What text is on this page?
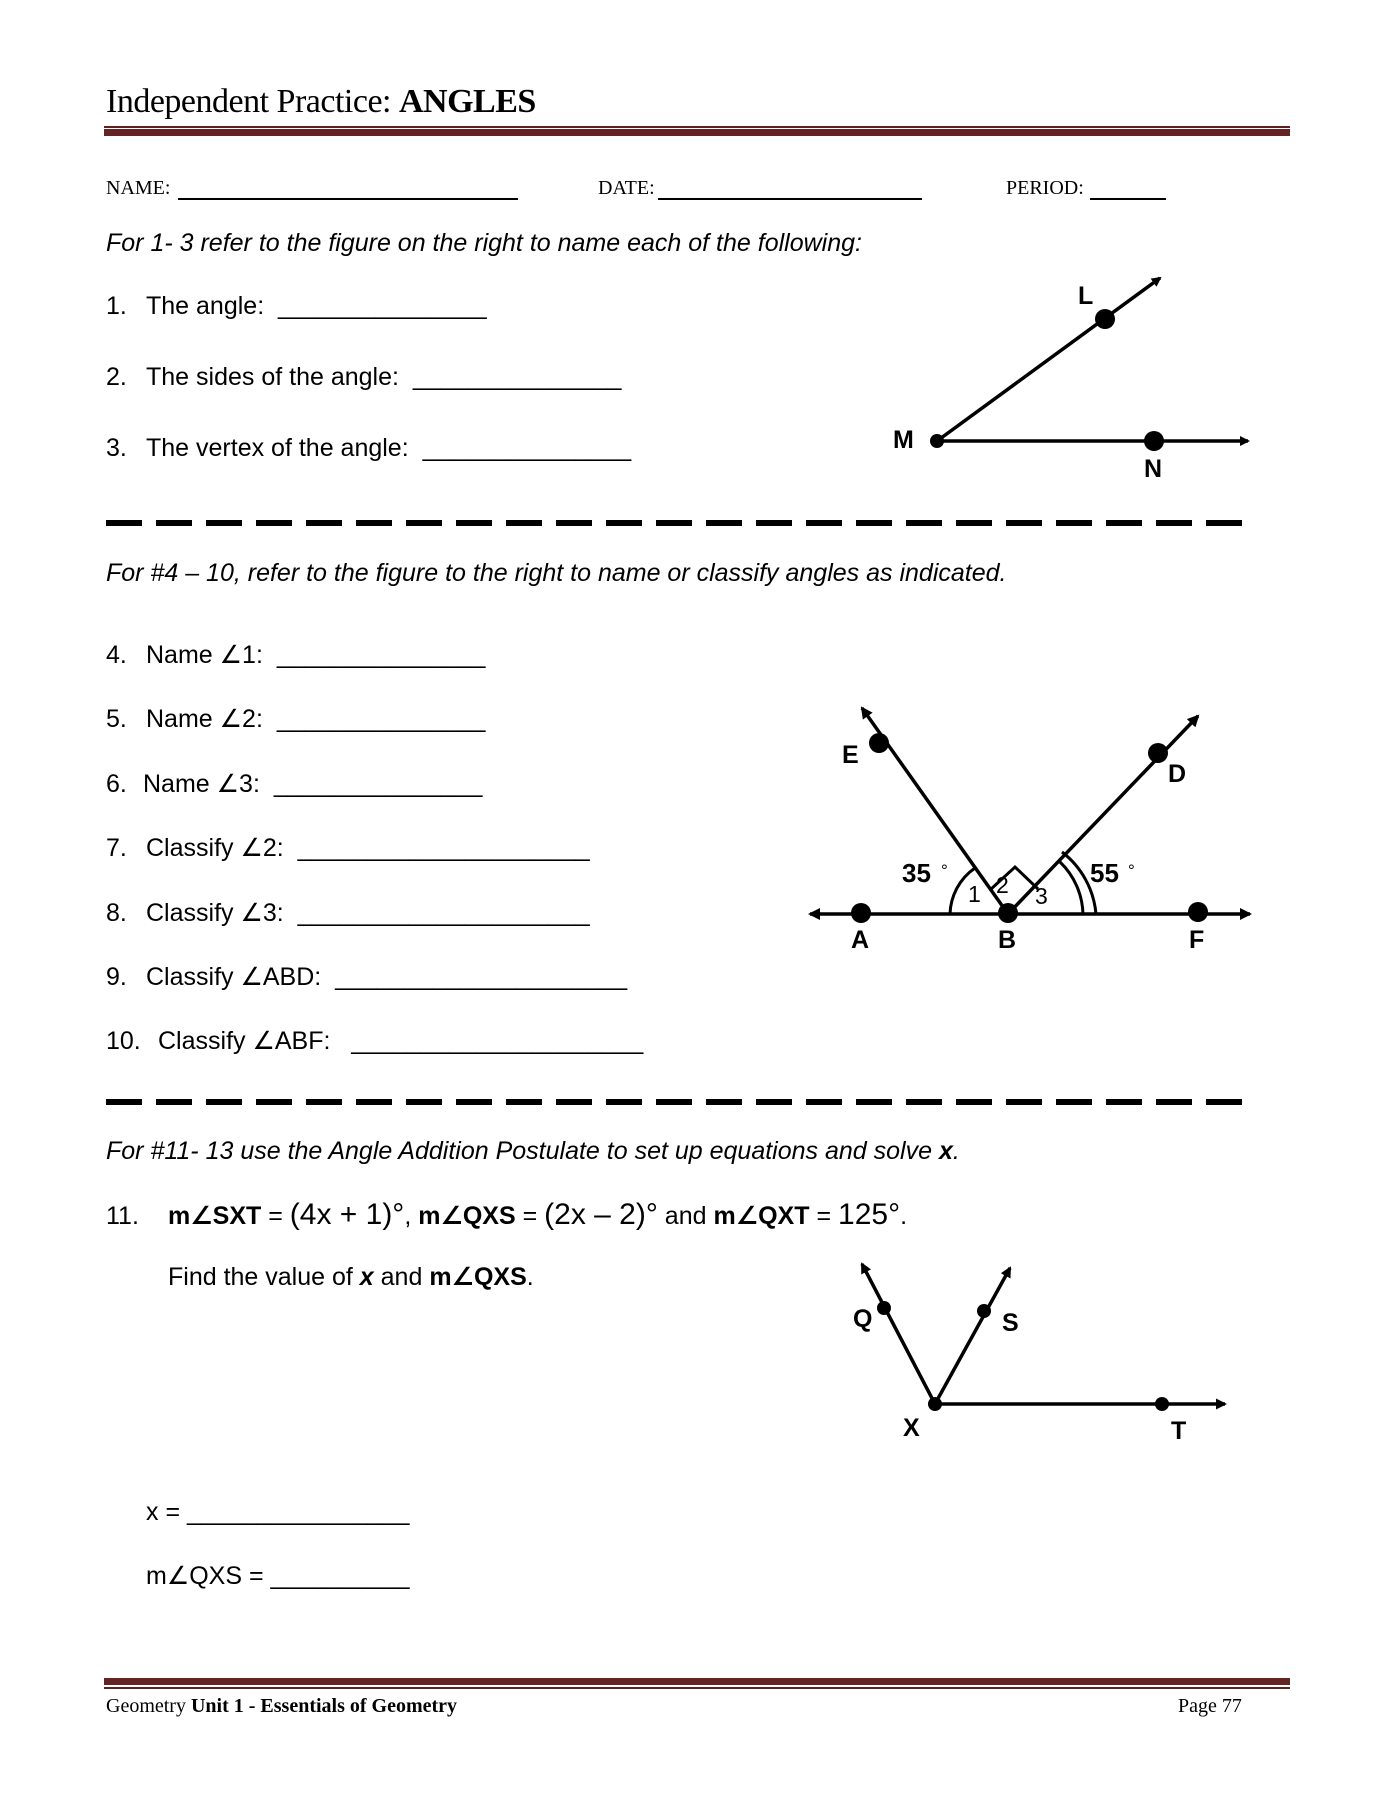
Independent Practice: ANGLES
NAME:	DATE:	PERIOD:
For 1- 3 refer to the figure on the right to name each of the following:
1. The angle: _______________
2. The sides of the angle: _______________
3. The vertex of the angle: _______________
L
M
N
For #4 – 10, refer to the figure to the right to name or classify angles as indicated.
4. Name ∠1: _______________
5. Name ∠2: _______________
6. Name ∠3: _______________
7. Classify ∠2: _____________________
8. Classify ∠3: _____________________
9. Classify ∠ABD: _____________________
10. Classify ∠ABF: _____________________
A	B	F
E
D
1 2 3
35 °	55 °
For #11- 13 use the Angle Addition Postulate to set up equations and solve x.
11. m∠SXT = (4x + 1)°, m∠QXS = (2x – 2)° and m∠QXT = 125°.
Find the value of x and m∠QXS.
Q	S
X	T
x = ________________
m∠QXS = __________
Geometry Unit 1 - Essentials of Geometry	Page 77
